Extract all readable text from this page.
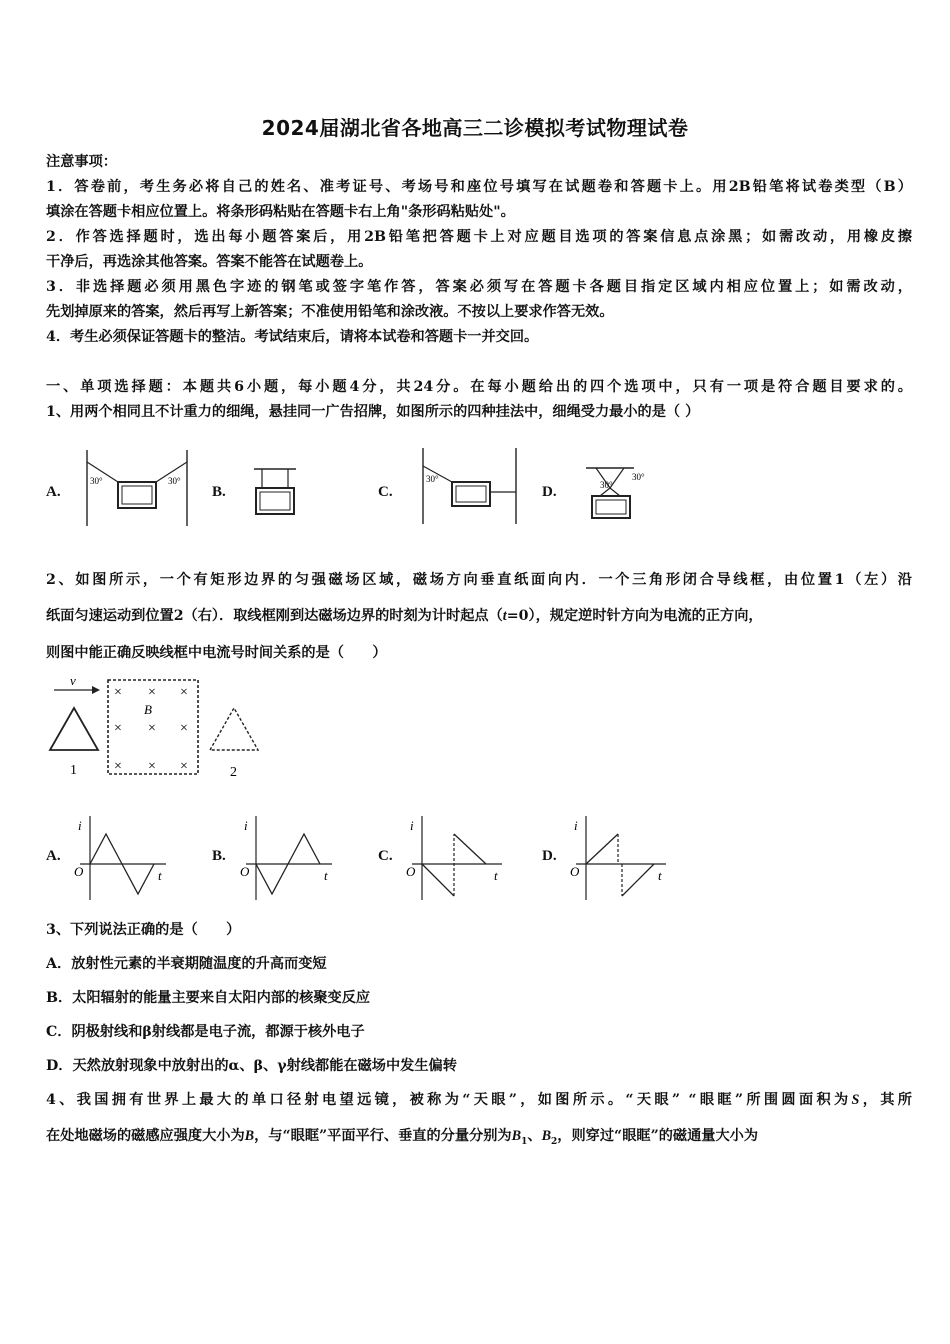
2024届湖北省各地高三二诊模拟考试物理试卷
注意事项：
1．答卷前，考生务必将自己的姓名、准考证号、考场号和座位号填写在试题卷和答题卡上。用2B铅笔将试卷类型（B）
填涂在答题卡相应位置上。将条形码粘贴在答题卡右上角"条形码粘贴处"。
2．作答选择题时，选出每小题答案后，用2B铅笔把答题卡上对应题目选项的答案信息点涂黑；如需改动，用橡皮擦
干净后，再选涂其他答案。答案不能答在试题卷上。
3．非选择题必须用黑色字迹的钢笔或签字笔作答，答案必须写在答题卡各题目指定区域内相应位置上；如需改动，
先划掉原来的答案，然后再写上新答案；不准使用铅笔和涂改液。不按以上要求作答无效。
4．考生必须保证答题卡的整洁。考试结束后，请将本试卷和答题卡一并交回。
一、单项选择题：本题共6小题，每小题4分，共24分。在每小题给出的四个选项中，只有一项是符合题目要求的。
1、用两个相同且不计重力的细绳，悬挂同一广告招牌，如图所示的四种挂法中，细绳受力最小的是（ ）
A.
30°	30°
B.	C.
30°
D.	30°
30°
2、如图所示，一个有矩形边界的匀强磁场区域，磁场方向垂直纸面向内．一个三角形闭合导线框，由位置1（左）沿
纸面匀速运动到位置2（右）．取线框刚到达磁场边界的时刻为计时起点（t=0），规定逆时针方向为电流的正方向，
则图中能正确反映线框中电流号时间关系的是（　　）
v
1
× × ×
B
× × ×
× × ×	2
A.
i
t
O
B.
i
t
O
C.
i
t
O
D.
i
t
O
3、下列说法正确的是（　　）
A．放射性元素的半衰期随温度的升高而变短
B．太阳辐射的能量主要来自太阳内部的核聚变反应
C．阴极射线和β射线都是电子流，都源于核外电子
D．天然放射现象中放射出的α、β、γ射线都能在磁场中发生偏转
4、我国拥有世界上最大的单口径射电望远镜，被称为“天眼”，如图所示。“天眼” “眼眶”所围圆面积为S，其所
在处地磁场的磁感应强度大小为B，与“眼眶”平面平行、垂直的分量分别为$B_1$、$B_2$，则穿过“眼眶”的磁通量大小为
